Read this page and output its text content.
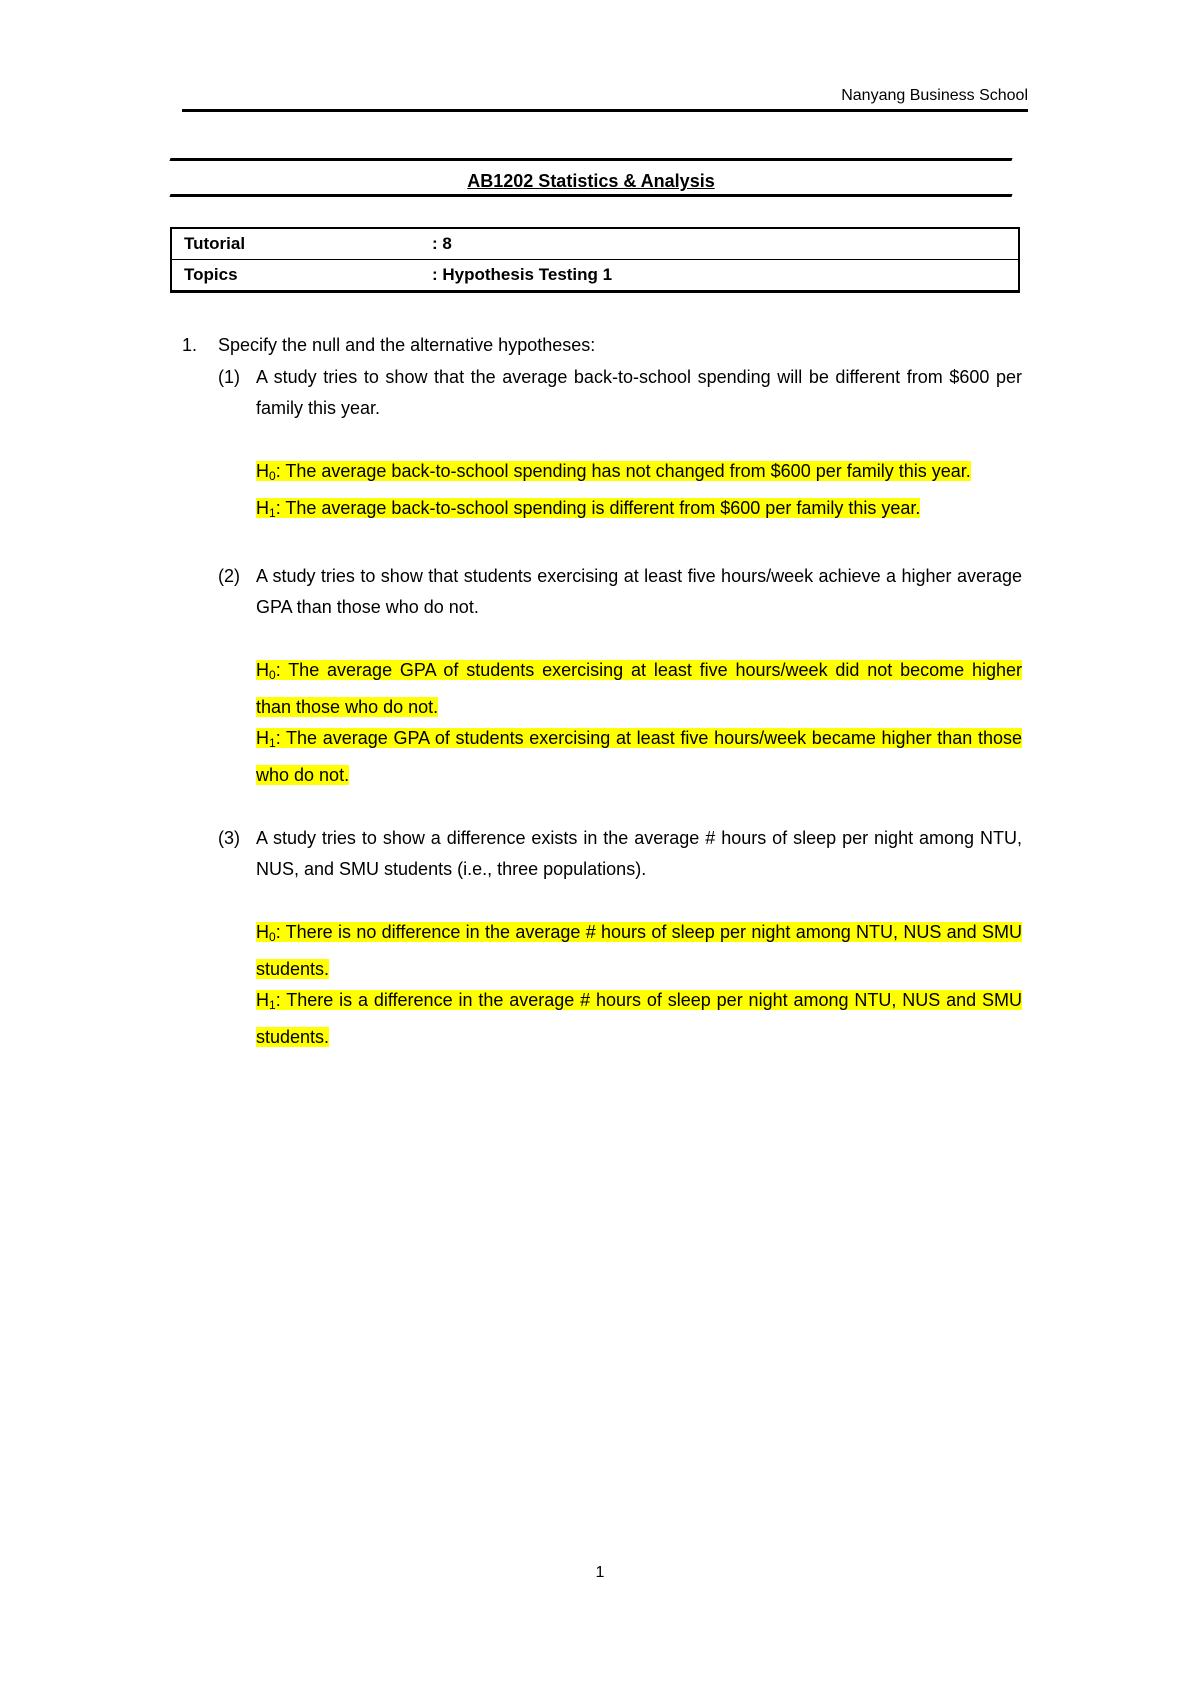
Nanyang Business School
AB1202 Statistics & Analysis
Tutorial	: 8
Topics	: Hypothesis Testing 1
1.	Specify the null and the alternative hypotheses:
(1) A study tries to show that the average back-to-school spending will be different from $600 per family this year.
H0: The average back-to-school spending has not changed from $600 per family this year.
H1: The average back-to-school spending is different from $600 per family this year.
(2) A study tries to show that students exercising at least five hours/week achieve a higher average GPA than those who do not.
H0: The average GPA of students exercising at least five hours/week did not become higher than those who do not.
H1: The average GPA of students exercising at least five hours/week became higher than those who do not.
(3) A study tries to show a difference exists in the average # hours of sleep per night among NTU, NUS, and SMU students (i.e., three populations).
H0: There is no difference in the average # hours of sleep per night among NTU, NUS and SMU students.
H1: There is a difference in the average # hours of sleep per night among NTU, NUS and SMU students.
1
